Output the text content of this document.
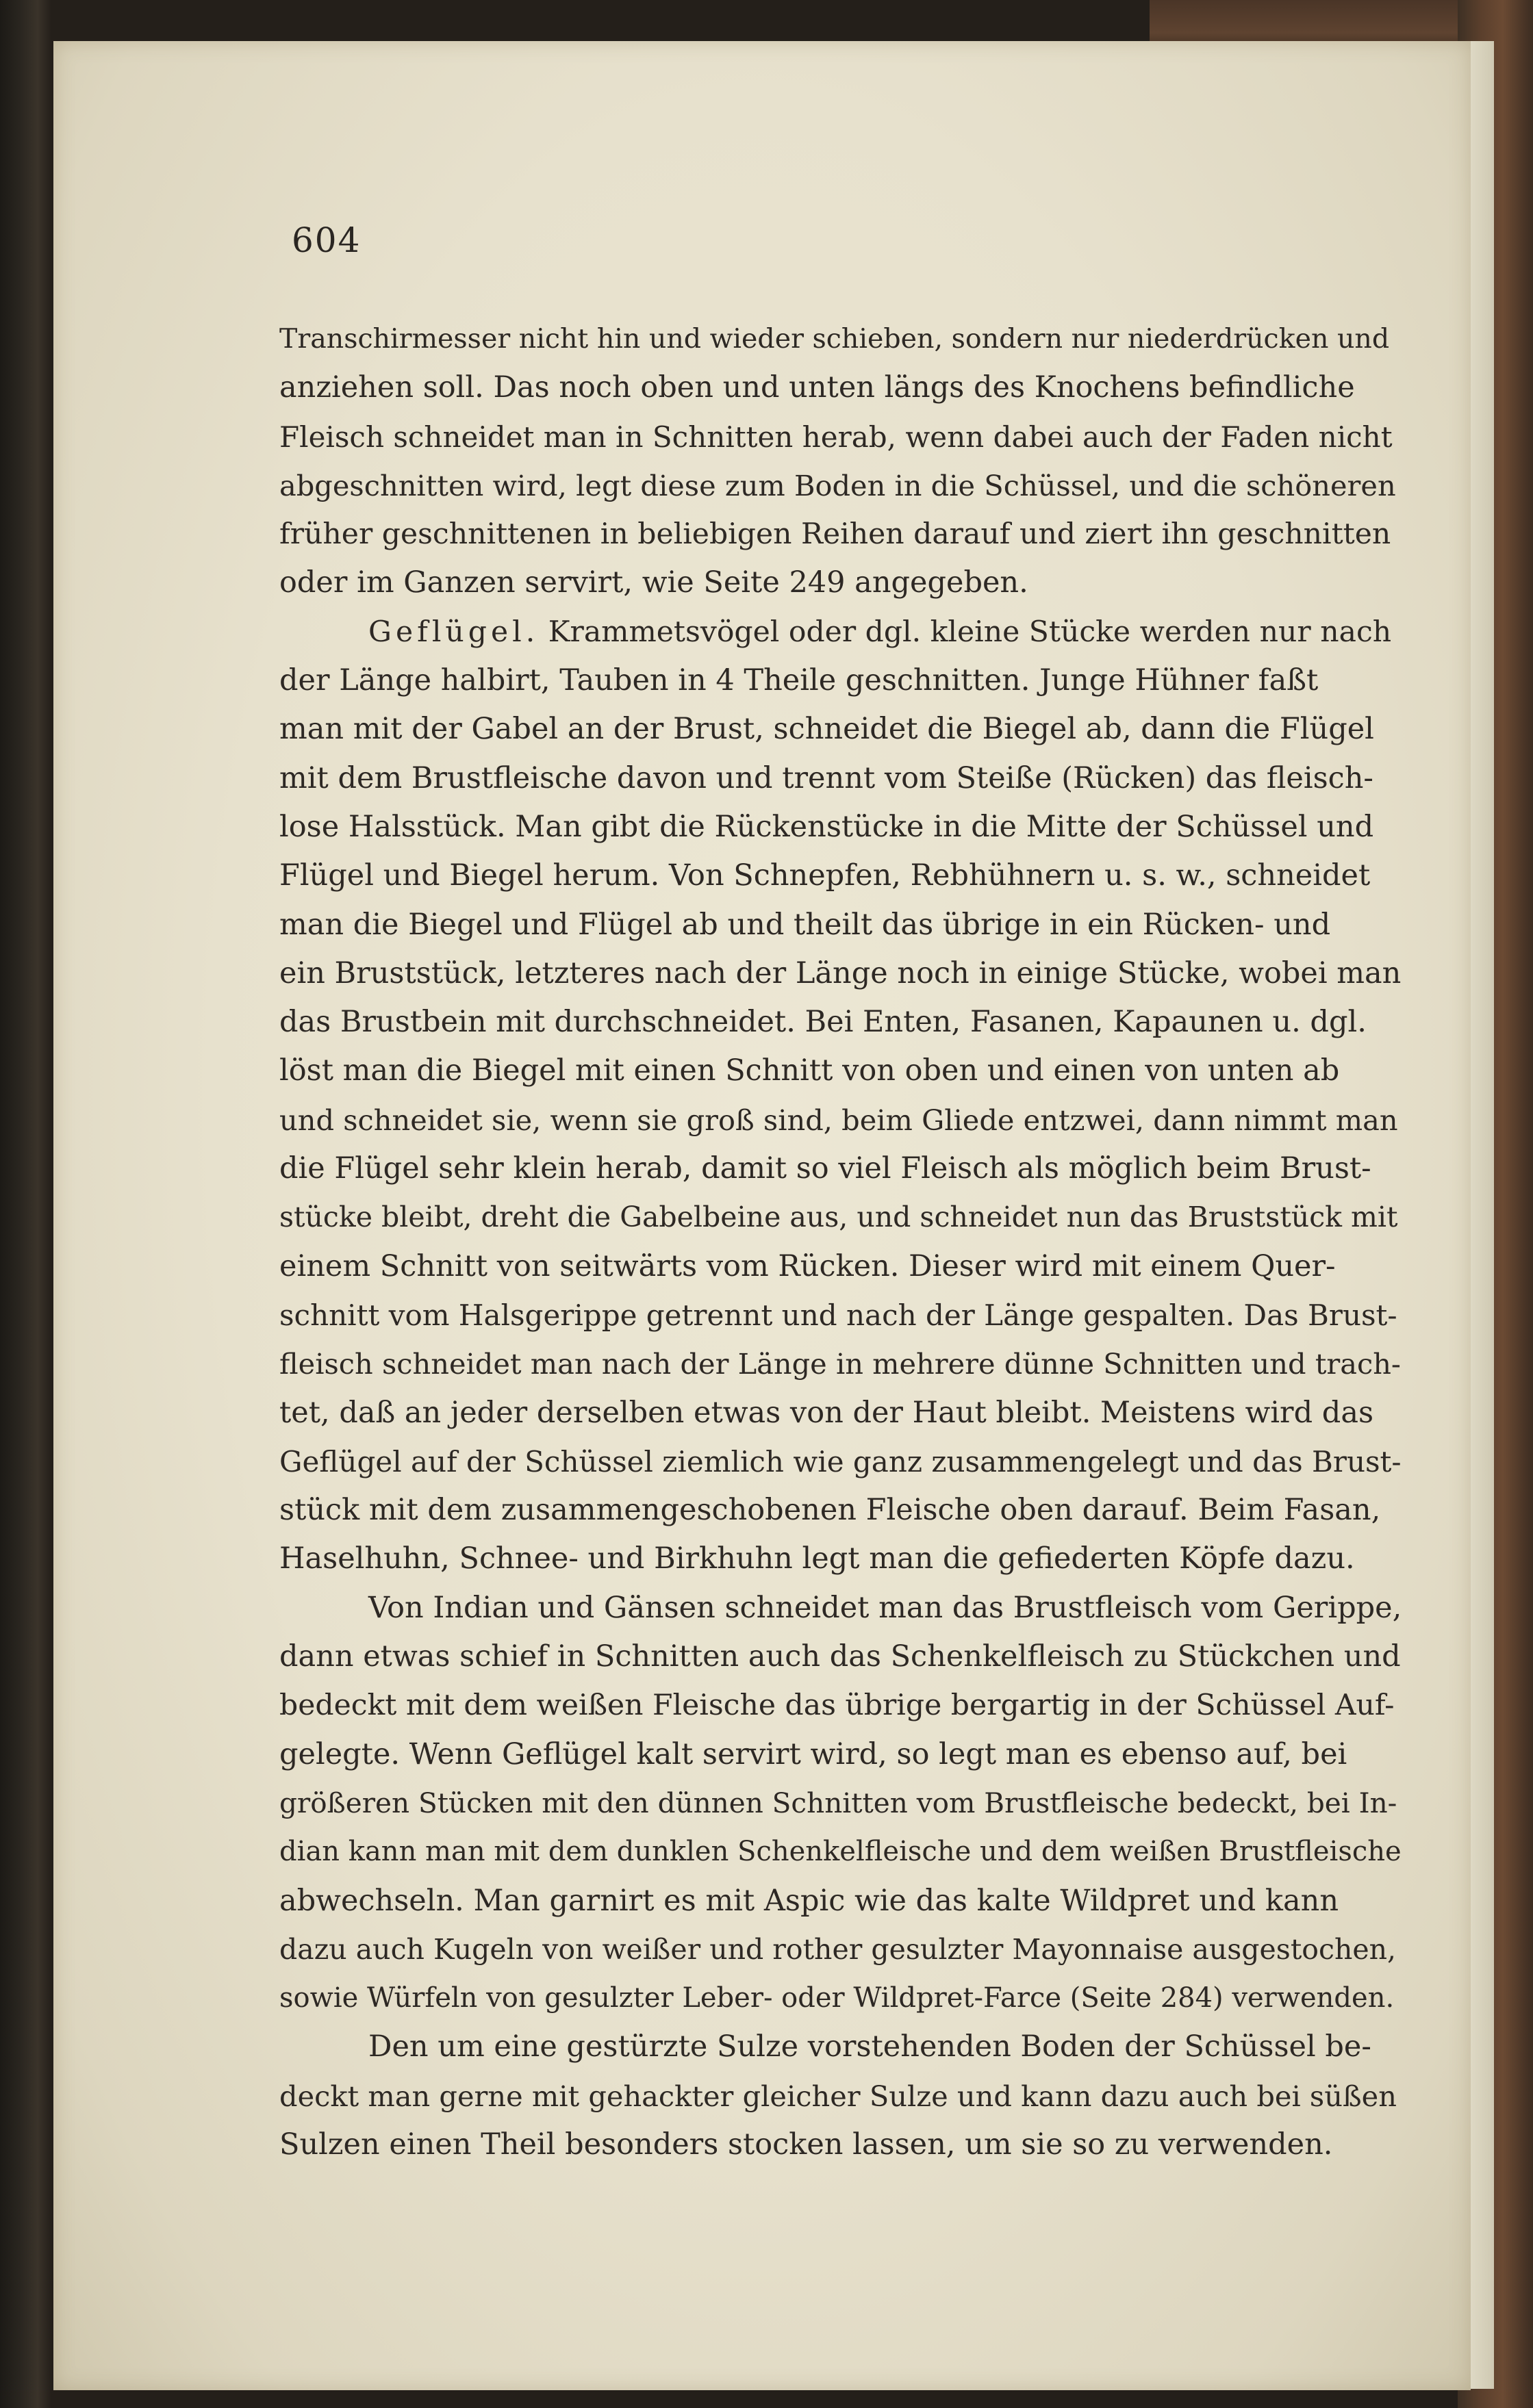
604
Transchirmesser nicht hin und wieder schieben, sondern nur niederdrücken und
anziehen soll. Das noch oben und unten längs des Knochens befindliche
Fleisch schneidet man in Schnitten herab, wenn dabei auch der Faden nicht
abgeschnitten wird, legt diese zum Boden in die Schüssel, und die schöneren
früher geschnittenen in beliebigen Reihen darauf und ziert ihn geschnitten
oder im Ganzen servirt, wie Seite 249 angegeben.
Geflügel. Krammetsvögel oder dgl. kleine Stücke werden nur nach
der Länge halbirt, Tauben in 4 Theile geschnitten. Junge Hühner faßt
man mit der Gabel an der Brust, schneidet die Biegel ab, dann die Flügel
mit dem Brustfleische davon und trennt vom Steiße (Rücken) das fleisch-
lose Halsstück. Man gibt die Rückenstücke in die Mitte der Schüssel und
Flügel und Biegel herum. Von Schnepfen, Rebhühnern u. s. w., schneidet
man die Biegel und Flügel ab und theilt das übrige in ein Rücken- und
ein Bruststück, letzteres nach der Länge noch in einige Stücke, wobei man
das Brustbein mit durchschneidet. Bei Enten, Fasanen, Kapaunen u. dgl.
löst man die Biegel mit einen Schnitt von oben und einen von unten ab
und schneidet sie, wenn sie groß sind, beim Gliede entzwei, dann nimmt man
die Flügel sehr klein herab, damit so viel Fleisch als möglich beim Brust-
stücke bleibt, dreht die Gabelbeine aus, und schneidet nun das Bruststück mit
einem Schnitt von seitwärts vom Rücken. Dieser wird mit einem Quer-
schnitt vom Halsgerippe getrennt und nach der Länge gespalten. Das Brust-
fleisch schneidet man nach der Länge in mehrere dünne Schnitten und trach-
tet, daß an jeder derselben etwas von der Haut bleibt. Meistens wird das
Geflügel auf der Schüssel ziemlich wie ganz zusammengelegt und das Brust-
stück mit dem zusammengeschobenen Fleische oben darauf. Beim Fasan,
Haselhuhn, Schnee- und Birkhuhn legt man die gefiederten Köpfe dazu.
Von Indian und Gänsen schneidet man das Brustfleisch vom Gerippe,
dann etwas schief in Schnitten auch das Schenkelfleisch zu Stückchen und
bedeckt mit dem weißen Fleische das übrige bergartig in der Schüssel Auf-
gelegte. Wenn Geflügel kalt servirt wird, so legt man es ebenso auf, bei
größeren Stücken mit den dünnen Schnitten vom Brustfleische bedeckt, bei In-
dian kann man mit dem dunklen Schenkelfleische und dem weißen Brustfleische
abwechseln. Man garnirt es mit Aspic wie das kalte Wildpret und kann
dazu auch Kugeln von weißer und rother gesulzter Mayonnaise ausgestochen,
sowie Würfeln von gesulzter Leber- oder Wildpret-Farce (Seite 284) verwenden.
Den um eine gestürzte Sulze vorstehenden Boden der Schüssel be-
deckt man gerne mit gehackter gleicher Sulze und kann dazu auch bei süßen
Sulzen einen Theil besonders stocken lassen, um sie so zu verwenden.
